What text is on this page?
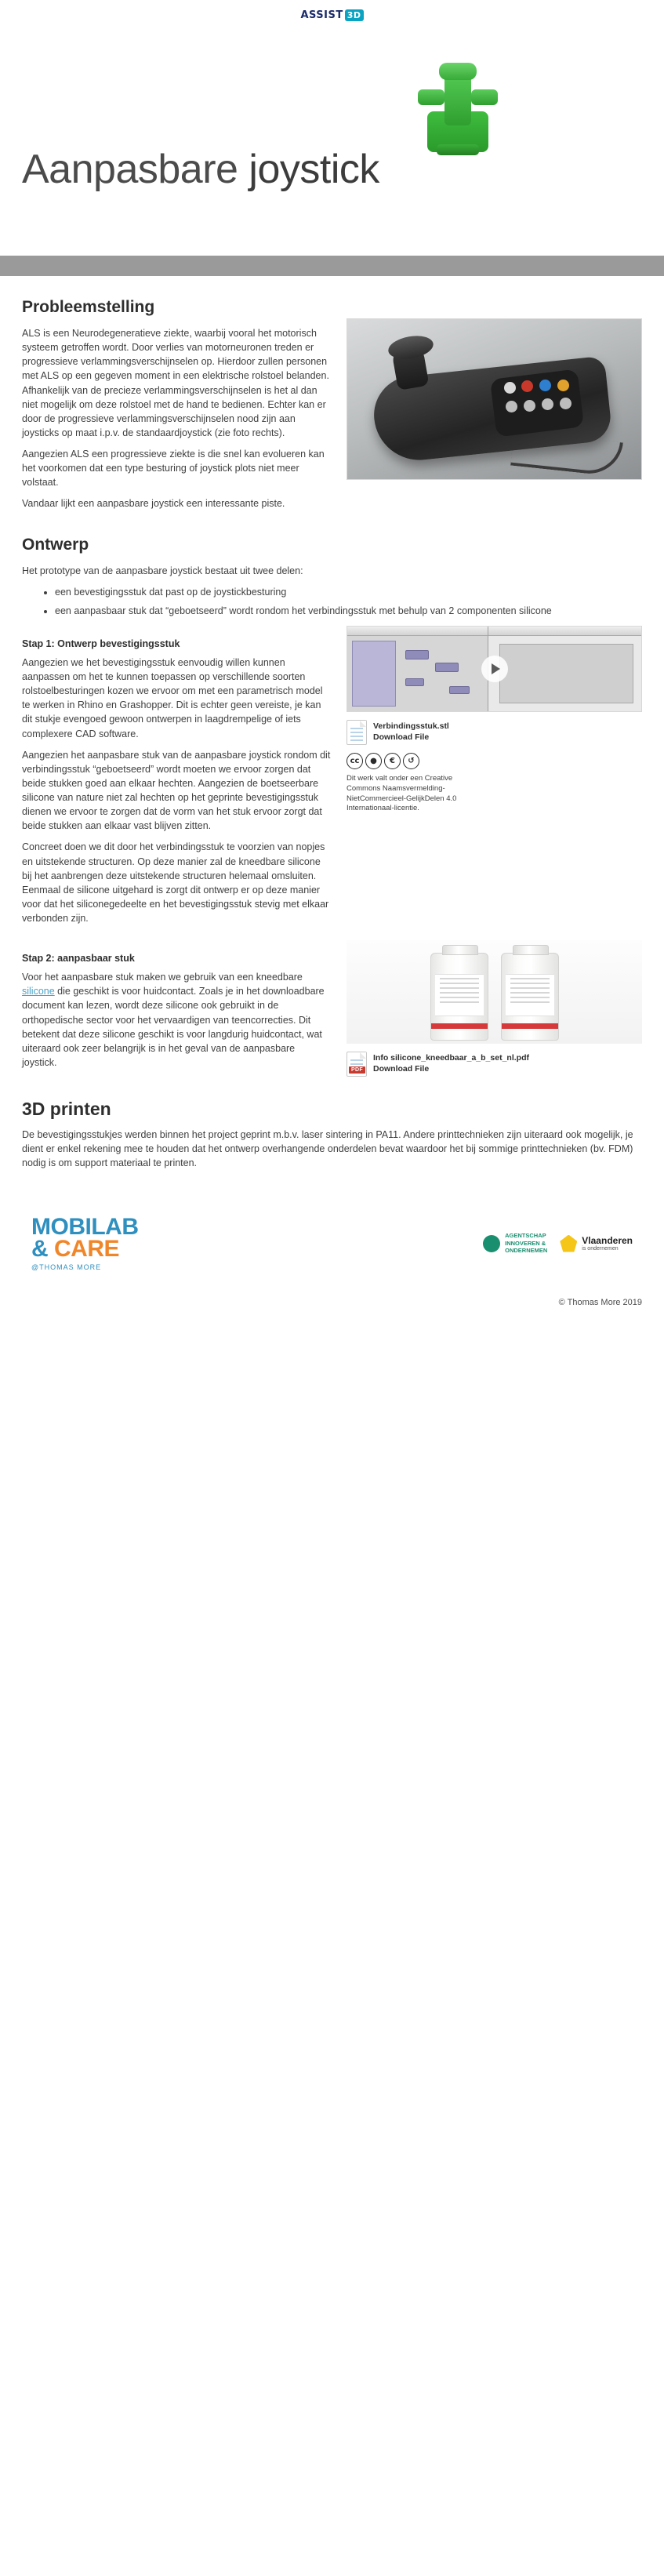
ASSIST 3D
Aanpasbare joystick
Probleemstelling

ALS is een Neurodegeneratieve ziekte, waarbij vooral het motorisch systeem getroffen wordt. Door verlies van motorneuronen treden er progressieve verlammingsverschijnselen op. Hierdoor zullen personen met ALS op een gegeven moment in een elektrische rolstoel belanden. Afhankelijk van de precieze verlammingsverschijnselen is het al dan niet mogelijk om deze rolstoel met de hand te bedienen. Echter kan er door de progressieve verlammingsverschijnselen nood zijn aan joysticks op maat i.p.v. de standaardjoystick (zie foto rechts).

Aangezien ALS een progressieve ziekte is die snel kan evolueren kan het voorkomen dat een type besturing of joystick plots niet meer volstaat.

Vandaar lijkt een aanpasbare joystick een interessante piste.

Ontwerp

Het prototype van de aanpasbare joystick bestaat uit twee delen:

• een bevestigingsstuk dat past op de joystickbesturing
• een aanpasbaar stuk dat “geboetseerd” wordt rondom het verbindingsstuk met behulp van 2 componenten silicone
Stap 1: Ontwerp bevestigingsstuk

Aangezien we het bevestigingsstuk eenvoudig willen kunnen aanpassen om het te kunnen toepassen op verschillende soorten rolstoelbesturingen kozen we ervoor om met een parametrisch model te werken in Rhino en Grashopper. Dit is echter geen vereiste, je kan dit stukje evengoed gewoon ontwerpen in laagdrempelige of iets complexere CAD software.

Aangezien het aanpasbare stuk van de aanpasbare joystick rondom dit verbindingsstuk “geboetseerd” wordt moeten we ervoor zorgen dat beide stukken goed aan elkaar hechten. Aangezien de boetseerbare silicone van nature niet zal hechten op het geprinte bevestigingsstuk dienen we ervoor te zorgen dat de vorm van het stuk ervoor zorgt dat beide stukken aan elkaar vast blijven zitten.

Concreet doen we dit door het verbindingsstuk te voorzien van nopjes en uitstekende structuren. Op deze manier zal de kneedbare silicone bij het aanbrengen deze uitstekende structuren helemaal omsluiten. Eenmaal de silicone uitgehard is zorgt dit ontwerp er op deze manier voor dat het siliconegedeelte en het bevestigingsstuk stevig met elkaar verbonden zijn.

Verbindingsstuk.stl
Download File
cc	●	€	↺
Dit werk valt onder een Creative Commons Naamsvermelding-NietCommercieel-GelijkDelen 4.0 Internationaal-licentie.
Stap 2: aanpasbaar stuk

Voor het aanpasbare stuk maken we gebruik van een kneedbare silicone die geschikt is voor huidcontact. Zoals je in het downloadbare document kan lezen, wordt deze silicone ook gebruikt in de orthopedische sector voor het vervaardigen van teencorrecties. Dit betekent dat deze silicone geschikt is voor langdurig huidcontact, wat uiteraard ook zeer belangrijk is in het geval van de aanpasbare joystick.

PDF
Info silicone_kneedbaar_a_b_set_nl.pdf
Download File
3D printen

De bevestigingsstukjes werden binnen het project geprint m.b.v. laser sintering in PA11. Andere printtechnieken zijn uiteraard ook mogelijk, je dient er enkel rekening mee te houden dat het ontwerp overhangende onderdelen bevat waardoor het bij sommige printtechnieken (bv. FDM) nodig is om support materiaal te printen.

MOBILAB
& CARE
@THOMAS MORE
AGENTSCHAP
INNOVEREN &
ONDERNEMEN
Vlaanderen
is ondernemen
© Thomas More 2019
